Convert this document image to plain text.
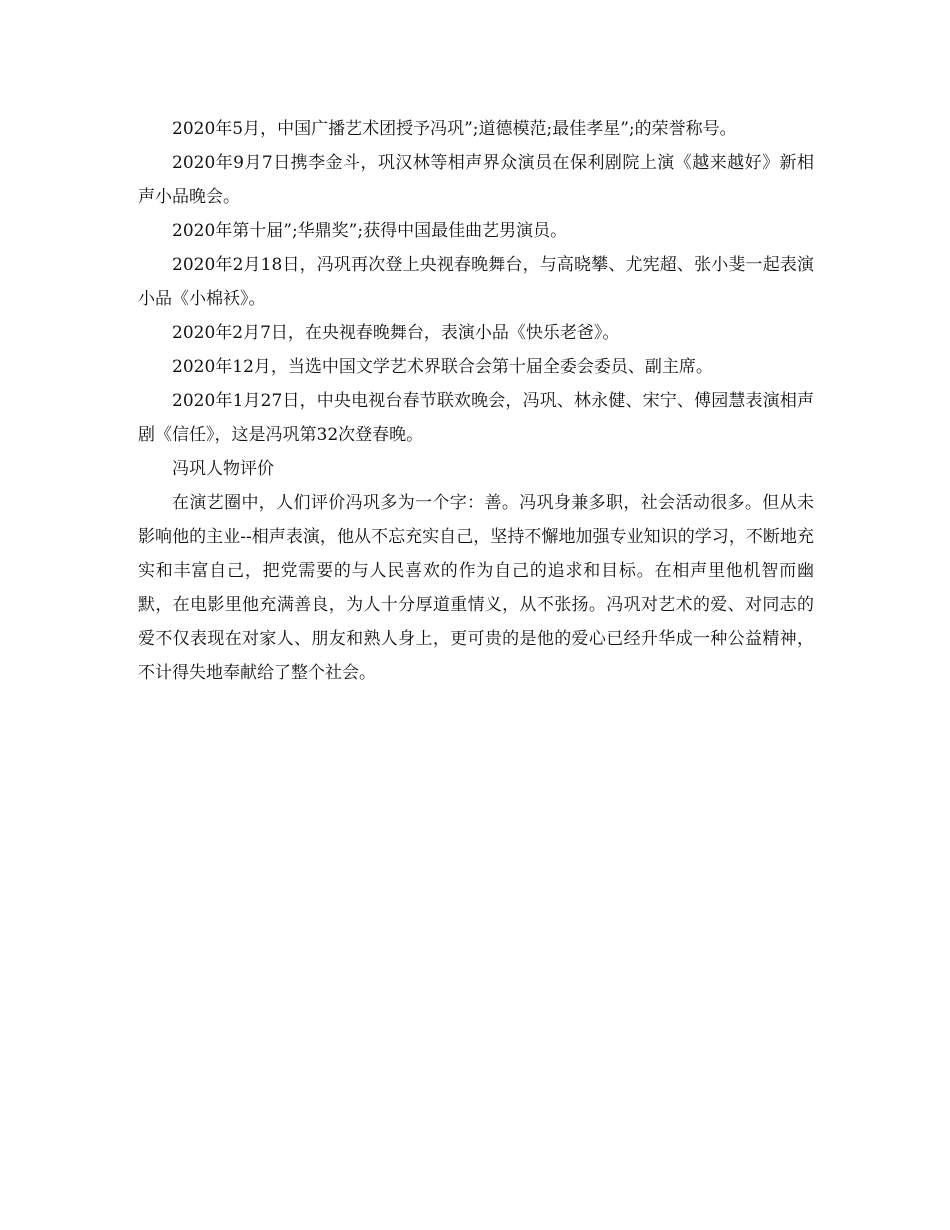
2020年5月，中国广播艺术团授予冯巩”;道德模范;最佳孝星”;的荣誉称号。

2020年9月7日携李金斗，巩汉林等相声界众演员在保利剧院上演《越来越好》新相声小品晚会。

2020年第十届”;华鼎奖”;获得中国最佳曲艺男演员。

2020年2月18日，冯巩再次登上央视春晚舞台，与高晓攀、尤宪超、张小斐一起表演小品《小棉袄》。

2020年2月7日，在央视春晚舞台，表演小品《快乐老爸》。

2020年12月，当选中国文学艺术界联合会第十届全委会委员、副主席。

2020年1月27日，中央电视台春节联欢晚会，冯巩、林永健、宋宁、傅园慧表演相声剧《信任》，这是冯巩第32次登春晚。

冯巩人物评价

在演艺圈中，人们评价冯巩多为一个字：善。冯巩身兼多职，社会活动很多。但从未影响他的主业--相声表演，他从不忘充实自己，坚持不懈地加强专业知识的学习，不断地充实和丰富自己，把党需要的与人民喜欢的作为自己的追求和目标。在相声里他机智而幽默，在电影里他充满善良，为人十分厚道重情义，从不张扬。冯巩对艺术的爱、对同志的爱不仅表现在对家人、朋友和熟人身上，更可贵的是他的爱心已经升华成一种公益精神，不计得失地奉献给了整个社会。
